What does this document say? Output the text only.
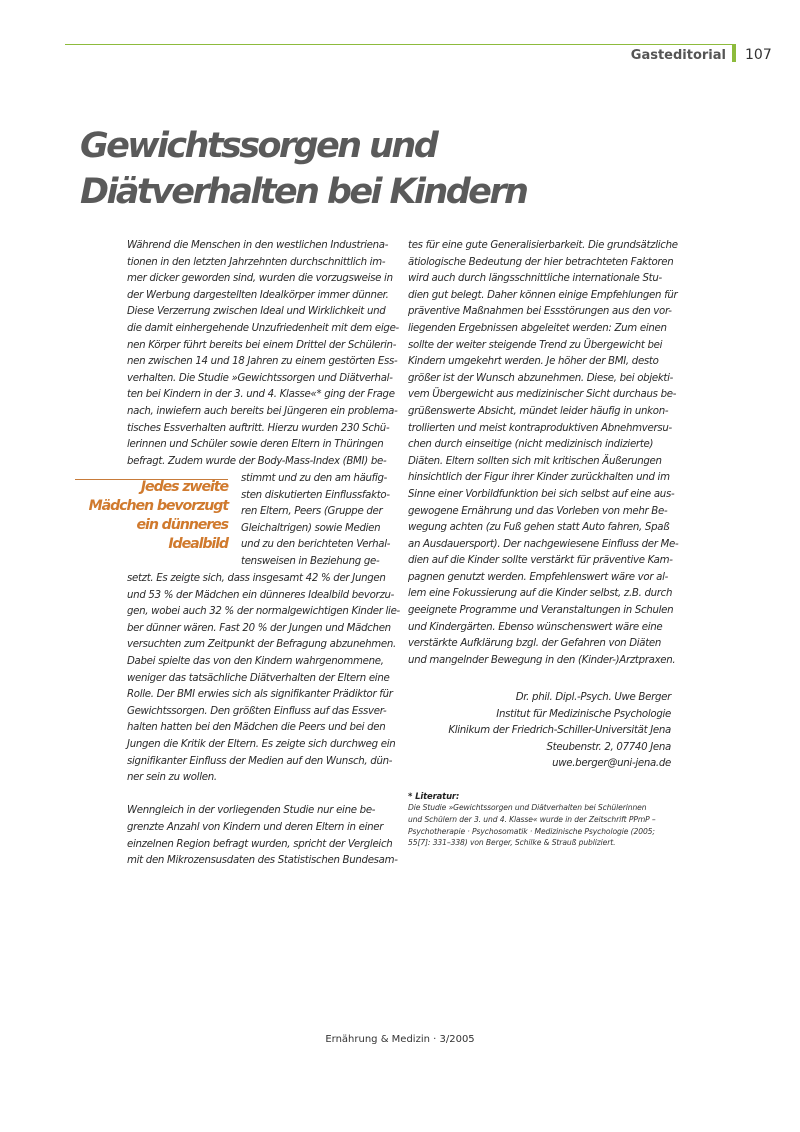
Gasteditorial 107
Gewichtssorgen und
Diätverhalten bei Kindern
Während die Menschen in den westlichen Industriena-
tionen in den letzten Jahrzehnten durchschnittlich im-
mer dicker geworden sind, wurden die vorzugsweise in
der Werbung dargestellten Idealkörper immer dünner.
Diese Verzerrung zwischen Ideal und Wirklichkeit und
die damit einhergehende Unzufriedenheit mit dem eige-
nen Körper führt bereits bei einem Drittel der Schülerin-
nen zwischen 14 und 18 Jahren zu einem gestörten Ess-
verhalten. Die Studie »Gewichtssorgen und Diätverhal-
ten bei Kindern in der 3. und 4. Klasse«* ging der Frage
nach, inwiefern auch bereits bei Jüngeren ein problema-
tisches Essverhalten auftritt. Hierzu wurden 230 Schü-
lerinnen und Schüler sowie deren Eltern in Thüringen
befragt. Zudem wurde der Body-Mass-Index (BMI) be-
Jedes zweite
Mädchen bevorzugt
ein dünneres
Idealbild
stimmt und zu den am häufig-
sten diskutierten Einflussfakto-
ren Eltern, Peers (Gruppe der
Gleichaltrigen) sowie Medien
und zu den berichteten Verhal-
tensweisen in Beziehung ge-
setzt. Es zeigte sich, dass insgesamt 42 % der Jungen
und 53 % der Mädchen ein dünneres Idealbild bevorzu-
gen, wobei auch 32 % der normalgewichtigen Kinder lie-
ber dünner wären. Fast 20 % der Jungen und Mädchen
versuchten zum Zeitpunkt der Befragung abzunehmen.
Dabei spielte das von den Kindern wahrgenommene,
weniger das tatsächliche Diätverhalten der Eltern eine
Rolle. Der BMI erwies sich als signifikanter Prädiktor für
Gewichtssorgen. Den größten Einfluss auf das Essver-
halten hatten bei den Mädchen die Peers und bei den
Jungen die Kritik der Eltern. Es zeigte sich durchweg ein
signifikanter Einfluss der Medien auf den Wunsch, dün-
ner sein zu wollen.
Wenngleich in der vorliegenden Studie nur eine be-
grenzte Anzahl von Kindern und deren Eltern in einer
einzelnen Region befragt wurden, spricht der Vergleich
mit den Mikrozensusdaten des Statistischen Bundesam-
tes für eine gute Generalisierbarkeit. Die grundsätzliche
ätiologische Bedeutung der hier betrachteten Faktoren
wird auch durch längsschnittliche internationale Stu-
dien gut belegt. Daher können einige Empfehlungen für
präventive Maßnahmen bei Essstörungen aus den vor-
liegenden Ergebnissen abgeleitet werden: Zum einen
sollte der weiter steigende Trend zu Übergewicht bei
Kindern umgekehrt werden. Je höher der BMI, desto
größer ist der Wunsch abzunehmen. Diese, bei objekti-
vem Übergewicht aus medizinischer Sicht durchaus be-
grüßenswerte Absicht, mündet leider häufig in unkon-
trollierten und meist kontraproduktiven Abnehmversu-
chen durch einseitige (nicht medizinisch indizierte)
Diäten. Eltern sollten sich mit kritischen Äußerungen
hinsichtlich der Figur ihrer Kinder zurückhalten und im
Sinne einer Vorbildfunktion bei sich selbst auf eine aus-
gewogene Ernährung und das Vorleben von mehr Be-
wegung achten (zu Fuß gehen statt Auto fahren, Spaß
an Ausdauersport). Der nachgewiesene Einfluss der Me-
dien auf die Kinder sollte verstärkt für präventive Kam-
pagnen genutzt werden. Empfehlenswert wäre vor al-
lem eine Fokussierung auf die Kinder selbst, z.B. durch
geeignete Programme und Veranstaltungen in Schulen
und Kindergärten. Ebenso wünschenswert wäre eine
verstärkte Aufklärung bzgl. der Gefahren von Diäten
und mangelnder Bewegung in den (Kinder-)Arztpraxen.
Dr. phil. Dipl.-Psych. Uwe Berger
Institut für Medizinische Psychologie
Klinikum der Friedrich-Schiller-Universität Jena
Steubenstr. 2, 07740 Jena
uwe.berger@uni-jena.de
* Literatur:
Die Studie »Gewichtssorgen und Diätverhalten bei Schülerinnen
und Schülern der 3. und 4. Klasse« wurde in der Zeitschrift PPmP –
Psychotherapie · Psychosomatik · Medizinische Psychologie (2005;
55[7]: 331–338) von Berger, Schilke & Strauß publiziert.
Ernährung & Medizin · 3/2005
